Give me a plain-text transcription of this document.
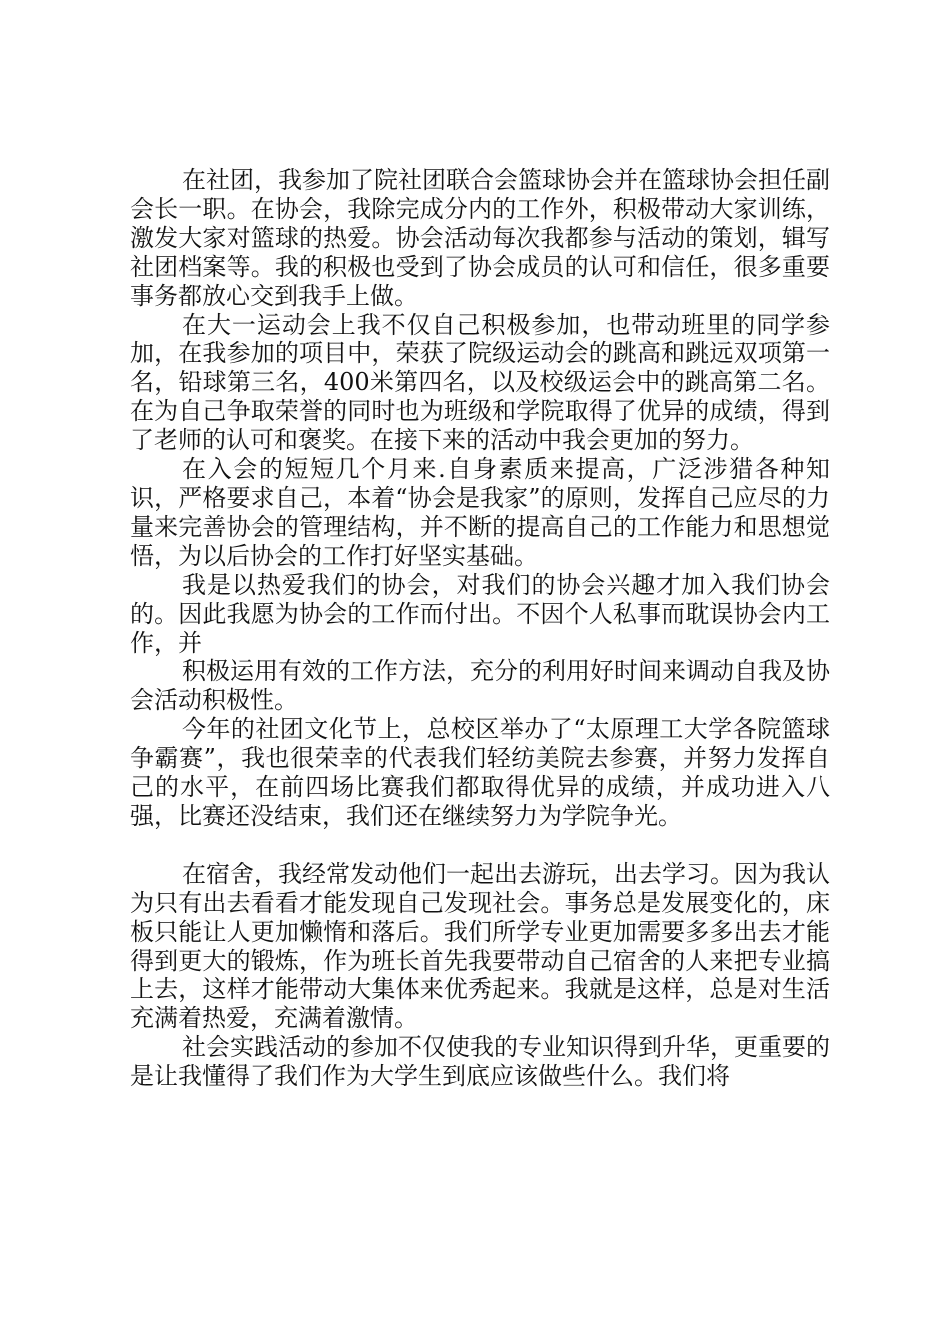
在社团，我参加了院社团联合会篮球协会并在篮球协会担任副会长一职。在协会，我除完成分内的工作外，积极带动大家训练，激发大家对篮球的热爱。协会活动每次我都参与活动的策划，辑写社团档案等。我的积极也受到了协会成员的认可和信任，很多重要事务都放心交到我手上做。

在大一运动会上我不仅自己积极参加，也带动班里的同学参加，在我参加的项目中，荣获了院级运动会的跳高和跳远双项第一名，铅球第三名，400米第四名，以及校级运会中的跳高第二名。在为自己争取荣誉的同时也为班级和学院取得了优异的成绩，得到了老师的认可和褒奖。在接下来的活动中我会更加的努力。

在入会的短短几个月来.自身素质来提高，广泛涉猎各种知识，严格要求自己，本着“协会是我家”的原则，发挥自己应尽的力量来完善协会的管理结构，并不断的提高自己的工作能力和思想觉悟，为以后协会的工作打好坚实基础。

我是以热爱我们的协会，对我们的协会兴趣才加入我们协会的。因此我愿为协会的工作而付出。不因个人私事而耽误协会内工作，并

积极运用有效的工作方法，充分的利用好时间来调动自我及协会活动积极性。

今年的社团文化节上，总校区举办了“太原理工大学各院篮球争霸赛”，我也很荣幸的代表我们轻纺美院去参赛，并努力发挥自己的水平，在前四场比赛我们都取得优异的成绩，并成功进入八强，比赛还没结束，我们还在继续努力为学院争光。

在宿舍，我经常发动他们一起出去游玩，出去学习。因为我认为只有出去看看才能发现自己发现社会。事务总是发展变化的，床板只能让人更加懒惰和落后。我们所学专业更加需要多多出去才能得到更大的锻炼，作为班长首先我要带动自己宿舍的人来把专业搞上去，这样才能带动大集体来优秀起来。我就是这样，总是对生活充满着热爱，充满着激情。

社会实践活动的参加不仅使我的专业知识得到升华，更重要的是让我懂得了我们作为大学生到底应该做些什么。我们将
